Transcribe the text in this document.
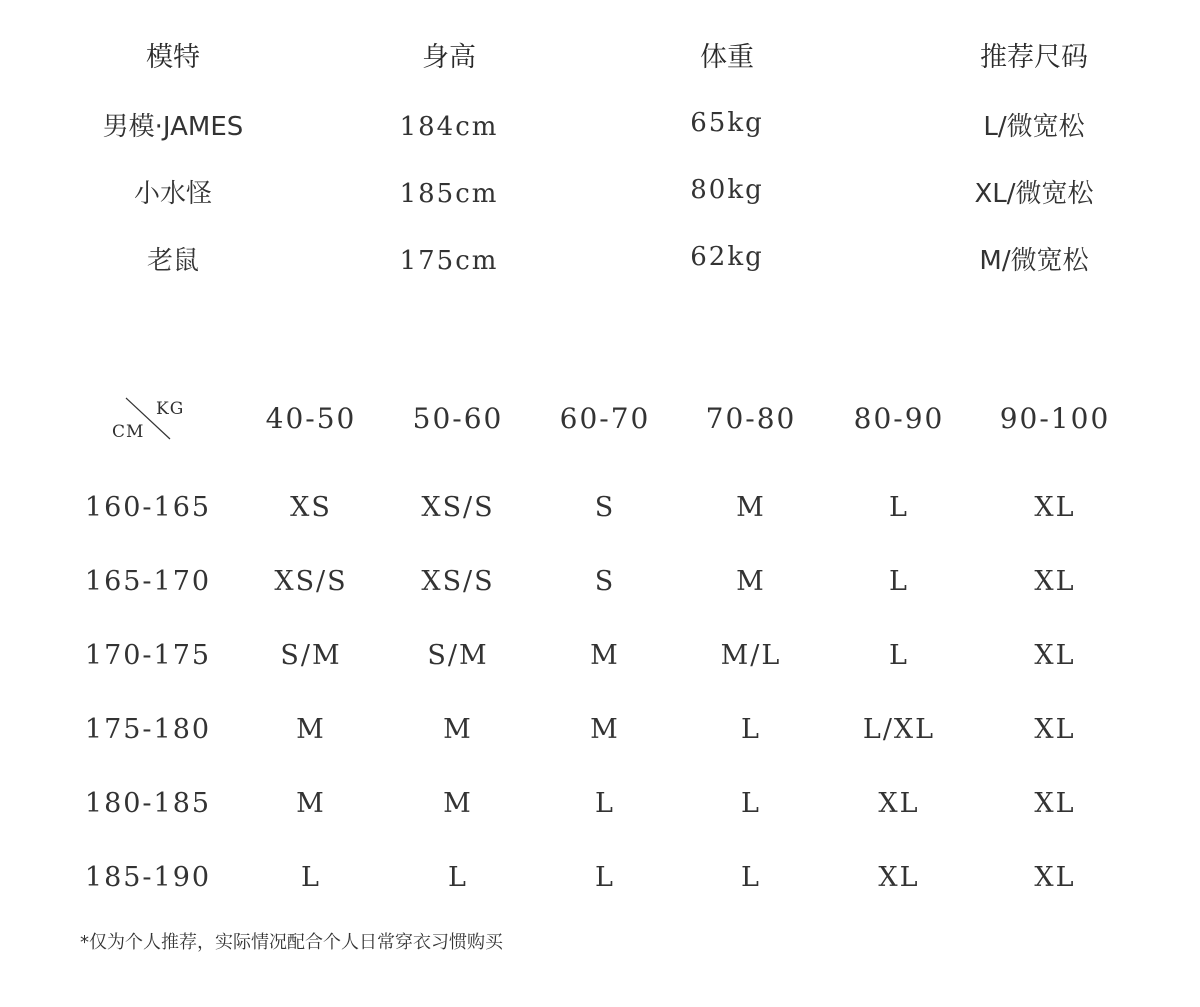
模特	身高	体重	推荐尺码
男模·JAMES	184cm	65kg	L/微宽松
小水怪	185cm	80kg	XL/微宽松
老鼠	175cm	62kg	M/微宽松
KG
CM	40-50	50-60	60-70	70-80	80-90	90-100
160-165	XS	XS/S	S	M	L	XL
165-170	XS/S	XS/S	S	M	L	XL
170-175	S/M	S/M	M	M/L	L	XL
175-180	M	M	M	L	L/XL	XL
180-185	M	M	L	L	XL	XL
185-190	L	L	L	L	XL	XL
*仅为个人推荐，实际情况配合个人日常穿衣习惯购买
